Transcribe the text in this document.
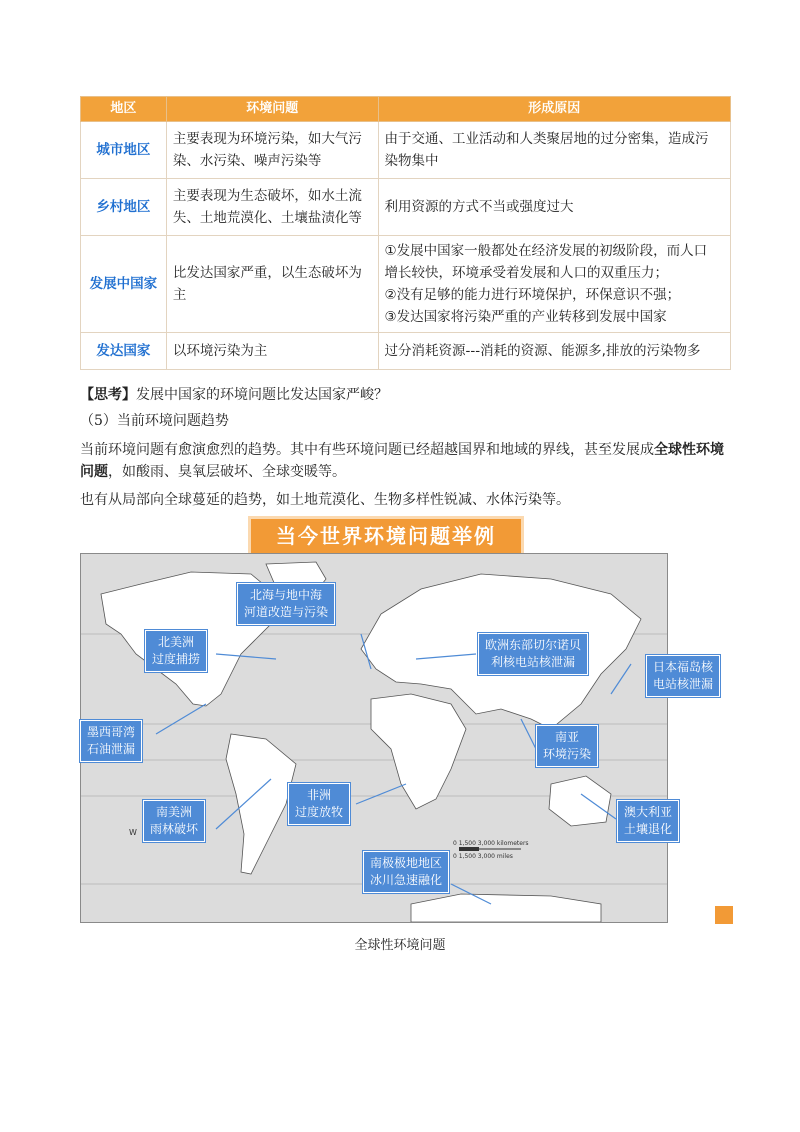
地区	环境问题	形成原因
城市地区	主要表现为环境污染，如大气污
染、水污染、噪声污染等	由于交通、工业活动和人类聚居地的过分密集，造成污
染物集中
乡村地区	主要表现为生态破坏，如水土流
失、土地荒漠化、土壤盐渍化等	利用资源的方式不当或强度过大
发展中国家	比发达国家严重，以生态破坏为
主	①发展中国家一般都处在经济发展的初级阶段，而人口
增长较快，环境承受着发展和人口的双重压力；
②没有足够的能力进行环境保护，环保意识不强；
③发达国家将污染严重的产业转移到发展中国家
发达国家	以环境污染为主	过分消耗资源---消耗的资源、能源多,排放的污染物多
【思考】发展中国家的环境问题比发达国家严峻？
（5）当前环境问题趋势
当前环境问题有愈演愈烈的趋势。其中有些环境问题已经超越国界和地域的界线，甚至发展成全球性环境问题，如酸雨、臭氧层破坏、全球变暖等。
也有从局部向全球蔓延的趋势，如土地荒漠化、生物多样性锐减、水体污染等。
当今世界环境问题举例
0 1,500 3,000 kilometers
0 1,500 3,000 miles
W
北海与地中海
河道改造与污染
北美洲
过度捕捞
欧洲东部切尔诺贝
利核电站核泄漏	日本福岛核
电站核泄漏
墨西哥湾
石油泄漏
南亚
环境污染
非洲
过度放牧
南美洲
雨林破坏
澳大利亚
土壤退化
南极极地地区
冰川急速融化
全球性环境问题
